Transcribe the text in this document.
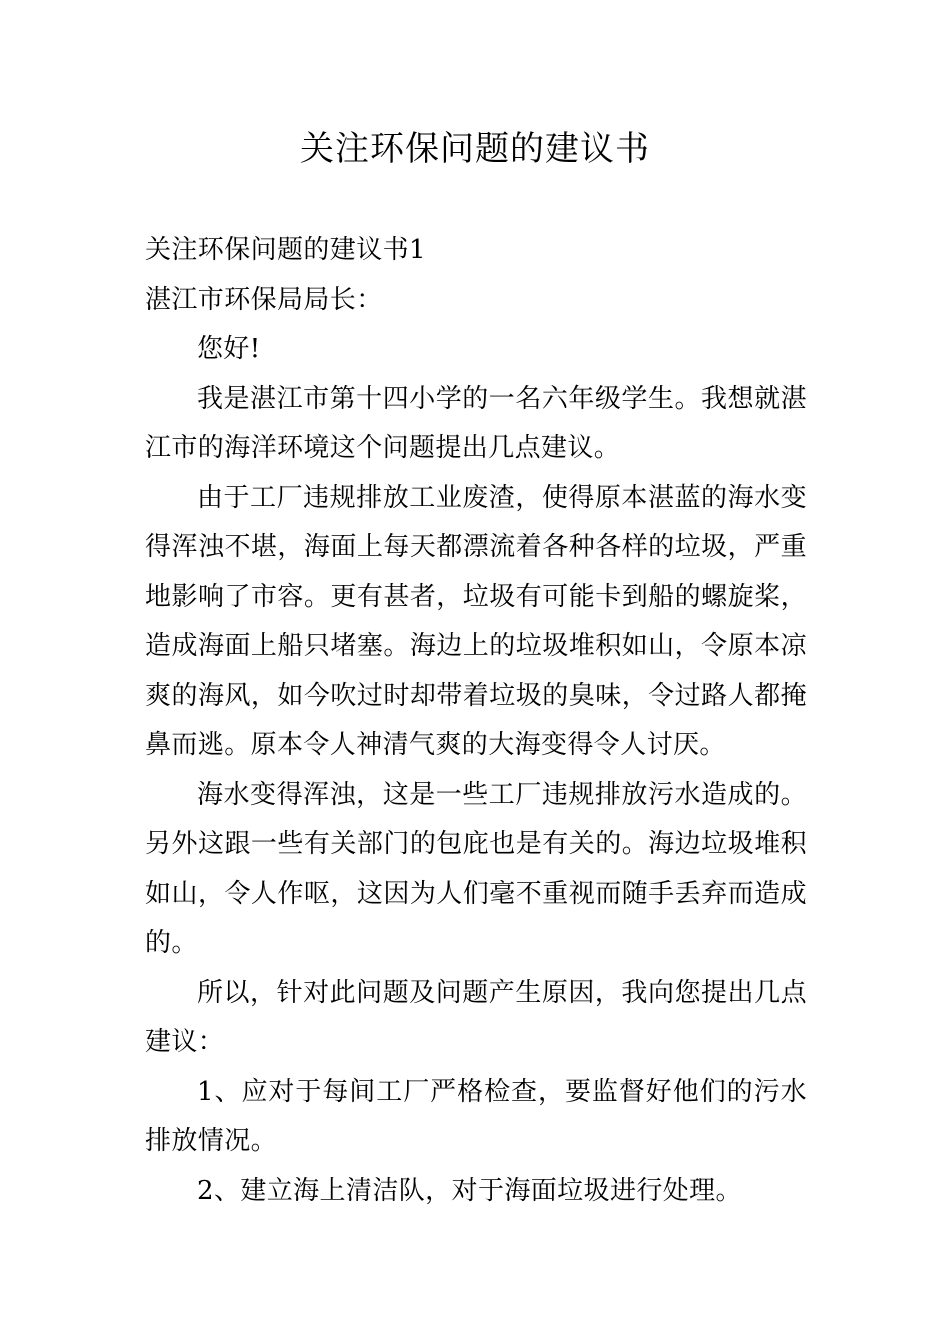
关注环保问题的建议书

关注环保问题的建议书1

湛江市环保局局长：

您好!

我是湛江市第十四小学的一名六年级学生。我想就湛江市的海洋环境这个问题提出几点建议。

由于工厂违规排放工业废渣，使得原本湛蓝的海水变得浑浊不堪，海面上每天都漂流着各种各样的垃圾，严重地影响了市容。更有甚者，垃圾有可能卡到船的螺旋桨，造成海面上船只堵塞。海边上的垃圾堆积如山，令原本凉爽的海风，如今吹过时却带着垃圾的臭味，令过路人都掩鼻而逃。原本令人神清气爽的大海变得令人讨厌。

海水变得浑浊，这是一些工厂违规排放污水造成的。另外这跟一些有关部门的包庇也是有关的。海边垃圾堆积如山，令人作呕，这因为人们毫不重视而随手丢弃而造成的。

所以，针对此问题及问题产生原因，我向您提出几点建议：

1、应对于每间工厂严格检查，要监督好他们的污水排放情况。

2、建立海上清洁队，对于海面垃圾进行处理。
